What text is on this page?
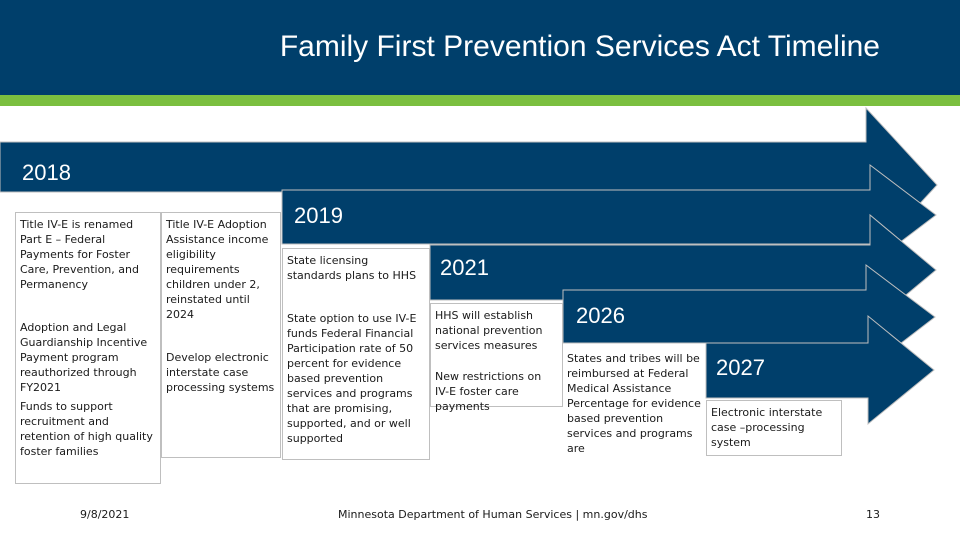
Family First Prevention Services Act Timeline
2018
2019
2021
2026
2027

Title IV-E is renamed Part E – Federal Payments for Foster Care, Prevention, and Permanency

Adoption and Legal Guardianship Incentive Payment program reauthorized through FY2021

Funds to support recruitment and retention of high quality foster families

Title IV-E Adoption Assistance income eligibility requirements children under 2, reinstated until 2024

Develop electronic interstate case processing systems

State licensing standards plans to HHS

State option to use IV-E funds Federal Financial Participation rate of 50 percent for evidence based prevention services and programs that are promising, supported, and or well supported

HHS will establish national prevention services measures

New restrictions on IV-E foster care payments

States and tribes will be reimbursed at Federal Medical Assistance Percentage for evidence based prevention services and programs are

Electronic interstate case –processing system

9/8/2021	Minnesota Department of Human Services | mn.gov/dhs	13
